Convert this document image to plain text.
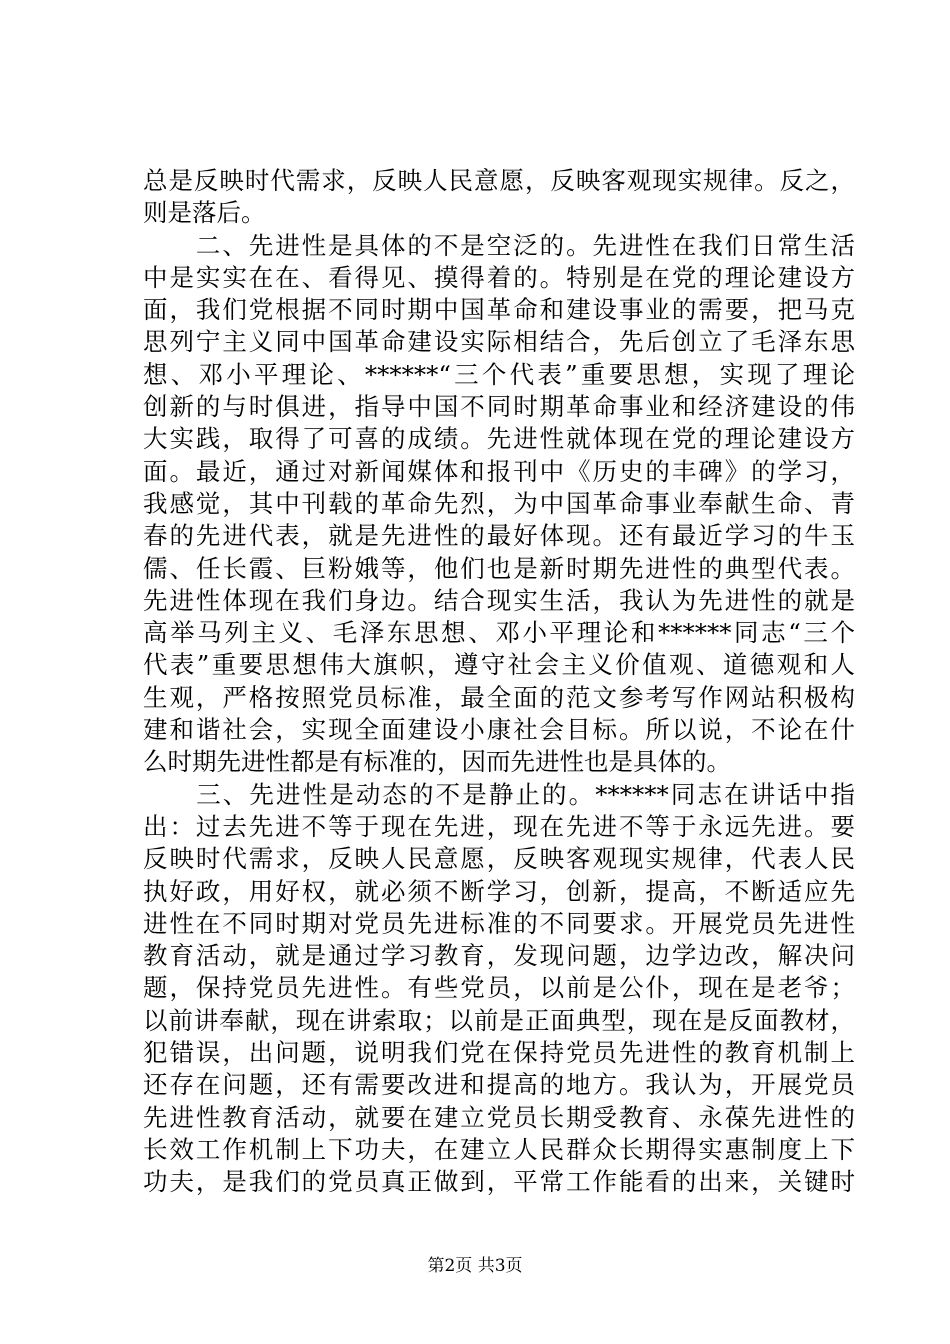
总是反映时代需求，反映人民意愿，反映客观现实规律。反之，
则是落后。
　　二、先进性是具体的不是空泛的。先进性在我们日常生活
中是实实在在、看得见、摸得着的。特别是在党的理论建设方
面，我们党根据不同时期中国革命和建设事业的需要，把马克
思列宁主义同中国革命建设实际相结合，先后创立了毛泽东思
想、邓小平理论、******“三个代表”重要思想，实现了理论
创新的与时俱进，指导中国不同时期革命事业和经济建设的伟
大实践，取得了可喜的成绩。先进性就体现在党的理论建设方
面。最近，通过对新闻媒体和报刊中《历史的丰碑》的学习，
我感觉，其中刊载的革命先烈，为中国革命事业奉献生命、青
春的先进代表，就是先进性的最好体现。还有最近学习的牛玉
儒、任长霞、巨粉娥等，他们也是新时期先进性的典型代表。
先进性体现在我们身边。结合现实生活，我认为先进性的就是
高举马列主义、毛泽东思想、邓小平理论和******同志“三个
代表”重要思想伟大旗帜，遵守社会主义价值观、道德观和人
生观，严格按照党员标准，最全面的范文参考写作网站积极构
建和谐社会，实现全面建设小康社会目标。所以说，不论在什
么时期先进性都是有标准的，因而先进性也是具体的。
　　三、先进性是动态的不是静止的。******同志在讲话中指
出：过去先进不等于现在先进，现在先进不等于永远先进。要
反映时代需求，反映人民意愿，反映客观现实规律，代表人民
执好政，用好权，就必须不断学习，创新，提高，不断适应先
进性在不同时期对党员先进标准的不同要求。开展党员先进性
教育活动，就是通过学习教育，发现问题，边学边改，解决问
题，保持党员先进性。有些党员，以前是公仆，现在是老爷；
以前讲奉献，现在讲索取；以前是正面典型，现在是反面教材，
犯错误，出问题，说明我们党在保持党员先进性的教育机制上
还存在问题，还有需要改进和提高的地方。我认为，开展党员
先进性教育活动，就要在建立党员长期受教育、永葆先进性的
长效工作机制上下功夫，在建立人民群众长期得实惠制度上下
功夫，是我们的党员真正做到，平常工作能看的出来，关键时
第2页 共3页
